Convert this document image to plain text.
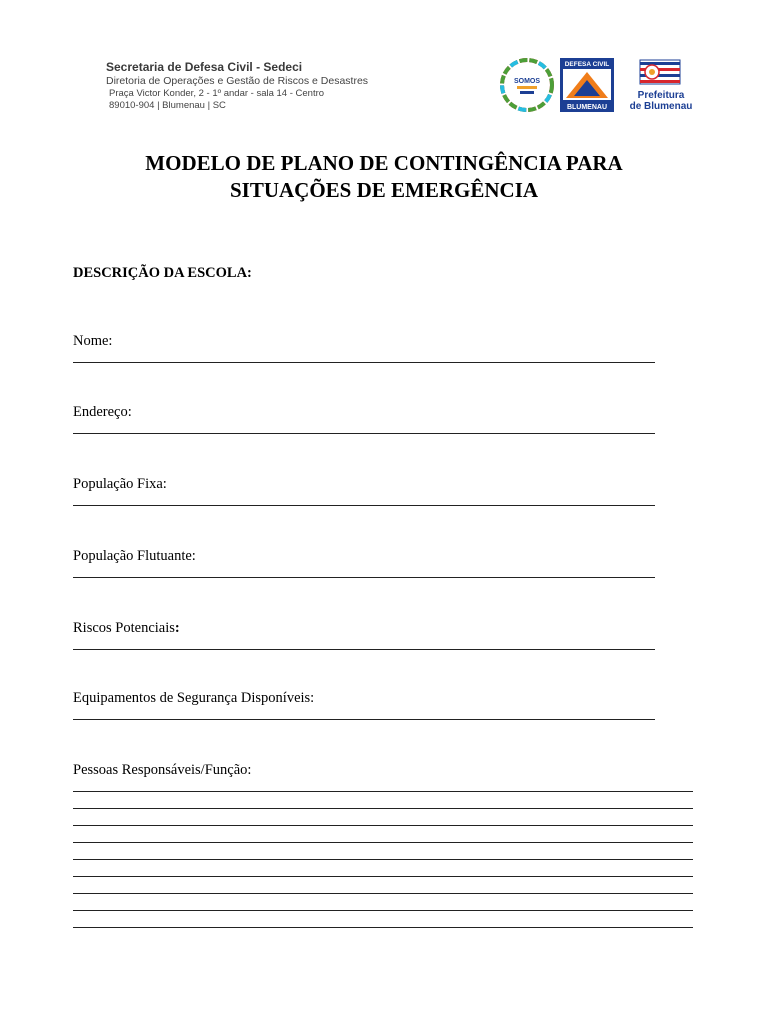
Secretaria de Defesa Civil - Sedeci
Diretoria de Operações e Gestão de Riscos e Desastres
Praça Victor Konder, 2 - 1º andar - sala 14 - Centro
89010-904 | Blumenau | SC
SOMOS
DEFESA CIVIL
BLUMENAU
Prefeitura
de Blumenau
MODELO DE PLANO DE CONTINGÊNCIA PARA
SITUAÇÕES DE EMERGÊNCIA
DESCRIÇÃO DA ESCOLA:
Nome:
Endereço:
População Fixa:
População Flutuante:
Riscos Potenciais:
Equipamentos de Segurança Disponíveis:
Pessoas Responsáveis/Função:
